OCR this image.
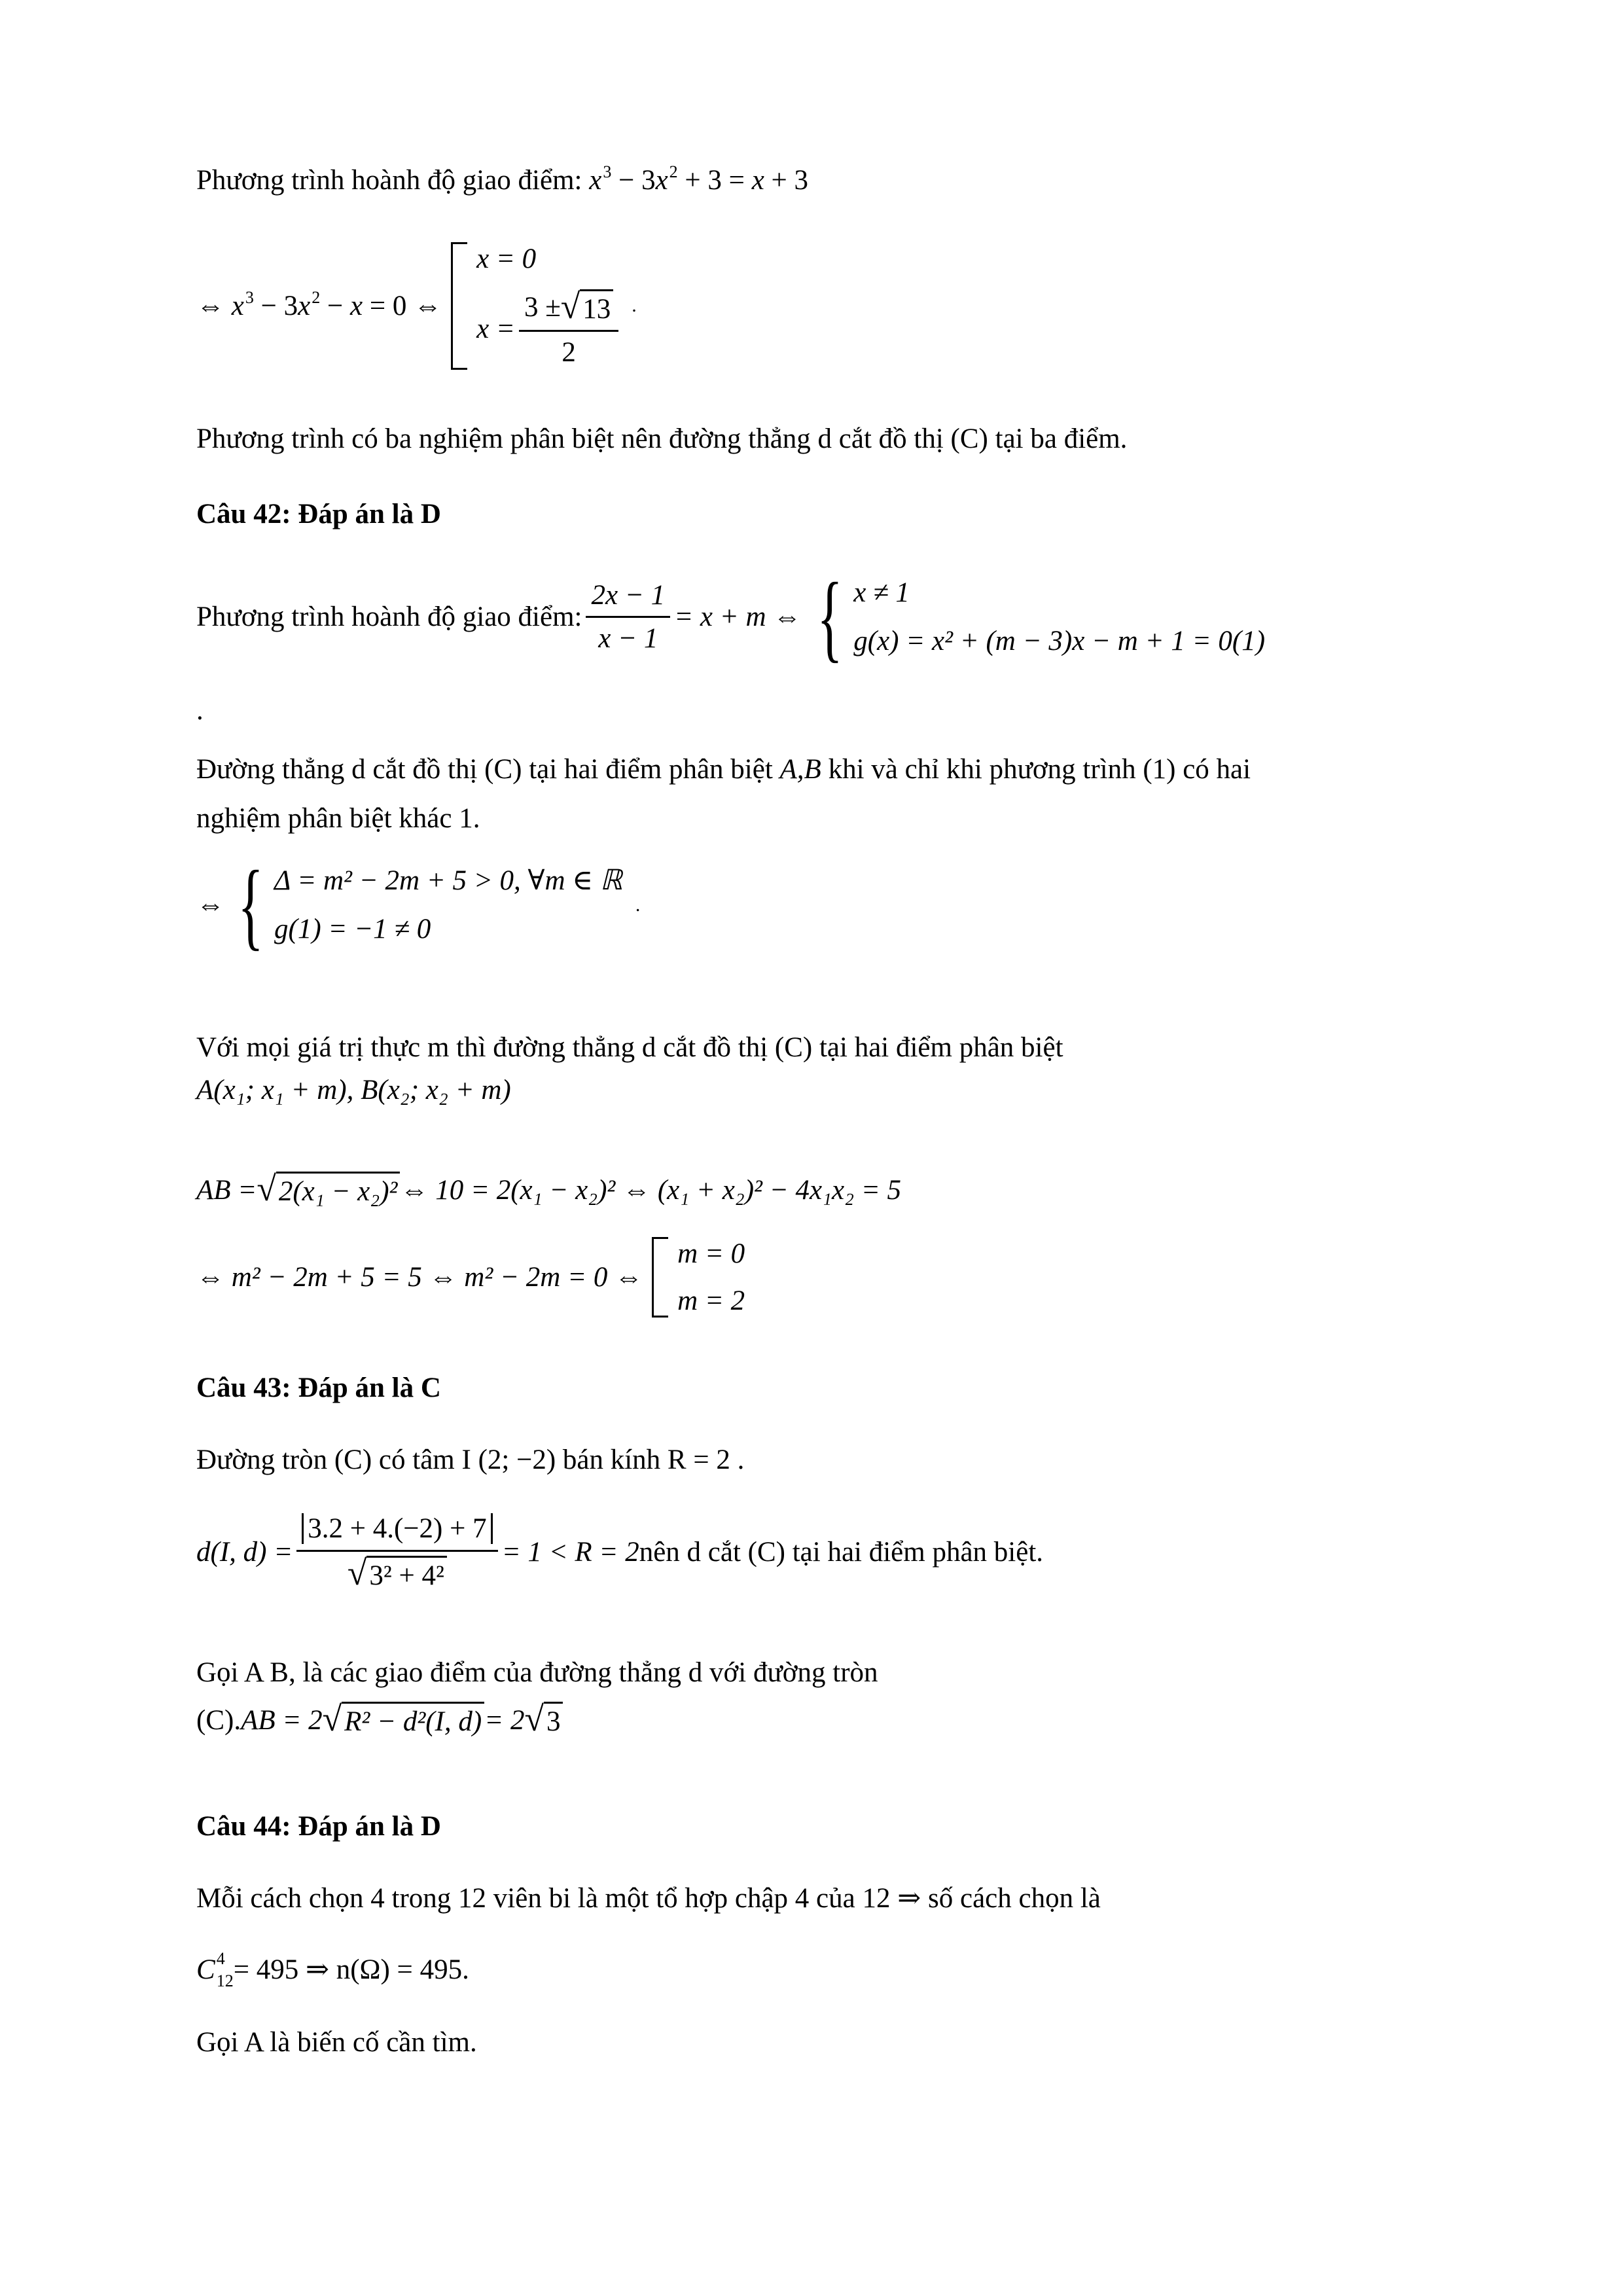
Phương trình hoành độ giao điểm: $x^3 - 3x^2 + 3 = x + 3$
⇔ $x^3 - 3x^2 - x = 0$ ⇔
x = 0
$x = \frac{3 \pm √ 13}{2}$ .
Phương trình có ba nghiệm phân biệt nên đường thẳng d cắt đồ thị (C) tại ba điểm.
Câu 42: Đáp án là D
Phương trình hoành độ giao điểm: $\frac{2x - 1}{x - 1} = x + m$ ⇔ { x ≠ 1
g(x) = x² + (m − 3)x − m + 1 = 0(1)
.
Đường thẳng d cắt đồ thị (C) tại hai điểm phân biệt A,B khi và chỉ khi phương trình (1) có hai
nghiệm phân biệt khác 1.
⇔ { Δ = m² − 2m + 5 > 0, ∀m ∈ ℝ
g(1) = −1 ≠ 0
.
Với mọi giá trị thực m thì đường thẳng d cắt đồ thị (C) tại hai điểm phân biệt
A(x₁; x₁ + m), B(x₂; x₂ + m)
AB = √ 2(x₁ − x₂)² ⇔ 10 = 2(x₁ − x₂)² ⇔ (x₁ + x₂)² − 4x₁x₂ = 5
⇔ m² − 2m + 5 = 5 ⇔ m² − 2m = 0 ⇔
m = 0
m = 2
Câu 43: Đáp án là C
Đường tròn (C) có tâm I (2; −2) bán kính R = 2 .
d(I, $d) = \frac{3.2 + 4.(-2) + 7}{\text{√ 3² + 4²}} = 1 < R = 2$ nên d cắt (C) tại hai điểm phân biệt.
Gọi A B, là các giao điểm của đường thẳng d với đường tròn
(C). AB = 2 √ R² − d²(I, d) = 2 √ 3
Câu 44: Đáp án là D
Mỗi cách chọn 4 trong 12 viên bi là một tổ hợp chập 4 của 12 ⇒ số cách chọn là
C 4
12 = 495 ⇒ n(Ω) = 495.
Gọi A là biến cố cần tìm.
